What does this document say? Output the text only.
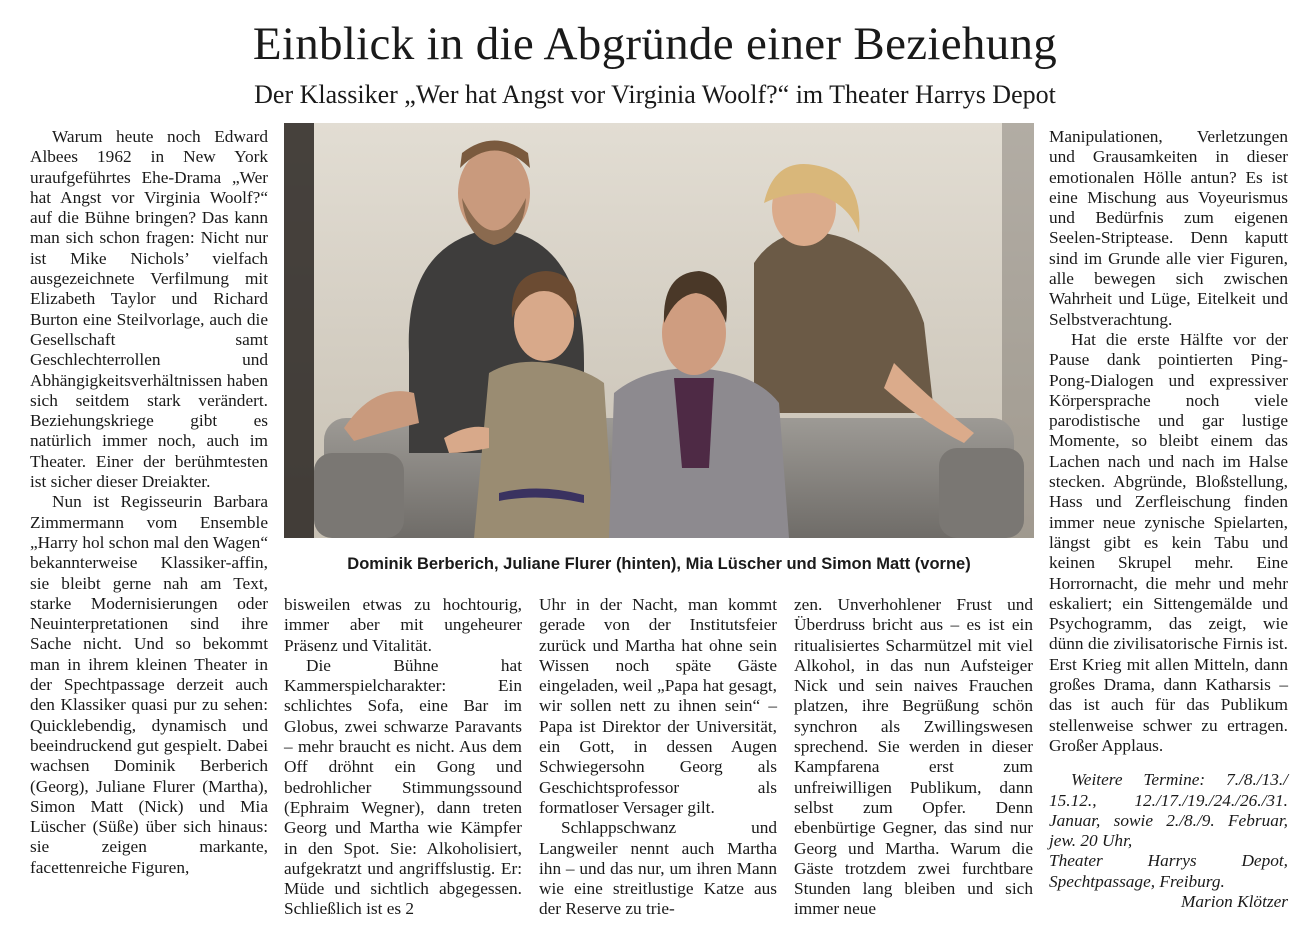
Einblick in die Abgründe einer Beziehung
Der Klassiker „Wer hat Angst vor Virginia Woolf?“ im Theater Harrys Depot

Warum heute noch Edward Albees 1962 in New York uraufgeführtes Ehe-Drama „Wer hat Angst vor Virginia Woolf?“ auf die Bühne bringen? Das kann man sich schon fragen: Nicht nur ist Mike Nichols’ vielfach ausgezeichnete Verfilmung mit Elizabeth Taylor und Richard Burton eine Steilvorlage, auch die Gesellschaft samt Geschlechterrollen und Abhängigkeitsverhältnissen haben sich seitdem stark verändert. Beziehungskriege gibt es natürlich immer noch, auch im Theater. Einer der berühmtesten ist sicher dieser Dreiakter.

Nun ist Regisseurin Barbara Zimmermann vom Ensemble „Harry hol schon mal den Wagen“ bekannterweise Klassiker-affin, sie bleibt gerne nah am Text, starke Modernisierungen oder Neuinterpretationen sind ihre Sache nicht. Und so bekommt man in ihrem kleinen Theater in der Spechtpassage derzeit auch den Klassiker quasi pur zu sehen: Quicklebendig, dynamisch und beeindruckend gut gespielt. Dabei wachsen Dominik Berberich (Georg), Juliane Flurer (Martha), Simon Matt (Nick) und Mia Lüscher (Süße) über sich hinaus: sie zeigen markante, facettenreiche Figuren,

Dominik Berberich, Juliane Flurer (hinten), Mia Lüscher und Simon Matt (vorne)

bisweilen etwas zu hochtourig, immer aber mit ungeheurer Präsenz und Vitalität.

Die Bühne hat Kammerspielcharakter: Ein schlichtes Sofa, eine Bar im Globus, zwei schwarze Paravants – mehr braucht es nicht. Aus dem Off dröhnt ein Gong und bedrohlicher Stimmungssound (Ephraim Wegner), dann treten Georg und Martha wie Kämpfer in den Spot. Sie: Alkoholisiert, aufgekratzt und angriffslustig. Er: Müde und sichtlich abgegessen. Schließlich ist es 2

Uhr in der Nacht, man kommt gerade von der Institutsfeier zurück und Martha hat ohne sein Wissen noch späte Gäste eingeladen, weil „Papa hat gesagt, wir sollen nett zu ihnen sein“ – Papa ist Direktor der Universität, ein Gott, in dessen Augen Schwiegersohn Georg als Geschichtsprofessor als formatloser Versager gilt.

Schlappschwanz und Langweiler nennt auch Martha ihn – und das nur, um ihren Mann wie eine streitlustige Katze aus der Reserve zu trie-

zen. Unverhohlener Frust und Überdruss bricht aus – es ist ein ritualisiertes Scharmützel mit viel Alkohol, in das nun Aufsteiger Nick und sein naives Frauchen platzen, ihre Begrüßung schön synchron als Zwillingswesen sprechend. Sie werden in dieser Kampfarena erst zum unfreiwilligen Publikum, dann selbst zum Opfer. Denn ebenbürtige Gegner, das sind nur Georg und Martha. Warum die Gäste trotzdem zwei furchtbare Stunden lang bleiben und sich immer neue

Manipulationen, Verletzungen und Grausamkeiten in dieser emotionalen Hölle antun? Es ist eine Mischung aus Voyeurismus und Bedürfnis zum eigenen Seelen-Striptease. Denn kaputt sind im Grunde alle vier Figuren, alle bewegen sich zwischen Wahrheit und Lüge, Eitelkeit und Selbstverachtung.

Hat die erste Hälfte vor der Pause dank pointierten Ping-Pong-Dialogen und expressiver Körpersprache noch viele parodistische und gar lustige Momente, so bleibt einem das Lachen nach und nach im Halse stecken. Abgründe, Bloßstellung, Hass und Zerfleischung finden immer neue zynische Spielarten, längst gibt es kein Tabu und keinen Skrupel mehr. Eine Horrornacht, die mehr und mehr eskaliert; ein Sittengemälde und Psychogramm, das zeigt, wie dünn die zivilisatorische Firnis ist. Erst Krieg mit allen Mitteln, dann großes Drama, dann Katharsis – das ist auch für das Publikum stellenweise schwer zu ertragen. Großer Applaus.

Weitere Termine: 7./8./13./ 15.12., 12./17./19./24./26./31. Januar, sowie 2./8./9. Februar, jew. 20 Uhr,

Theater Harrys Depot, Spechtpassage, Freiburg.

Marion Klötzer
